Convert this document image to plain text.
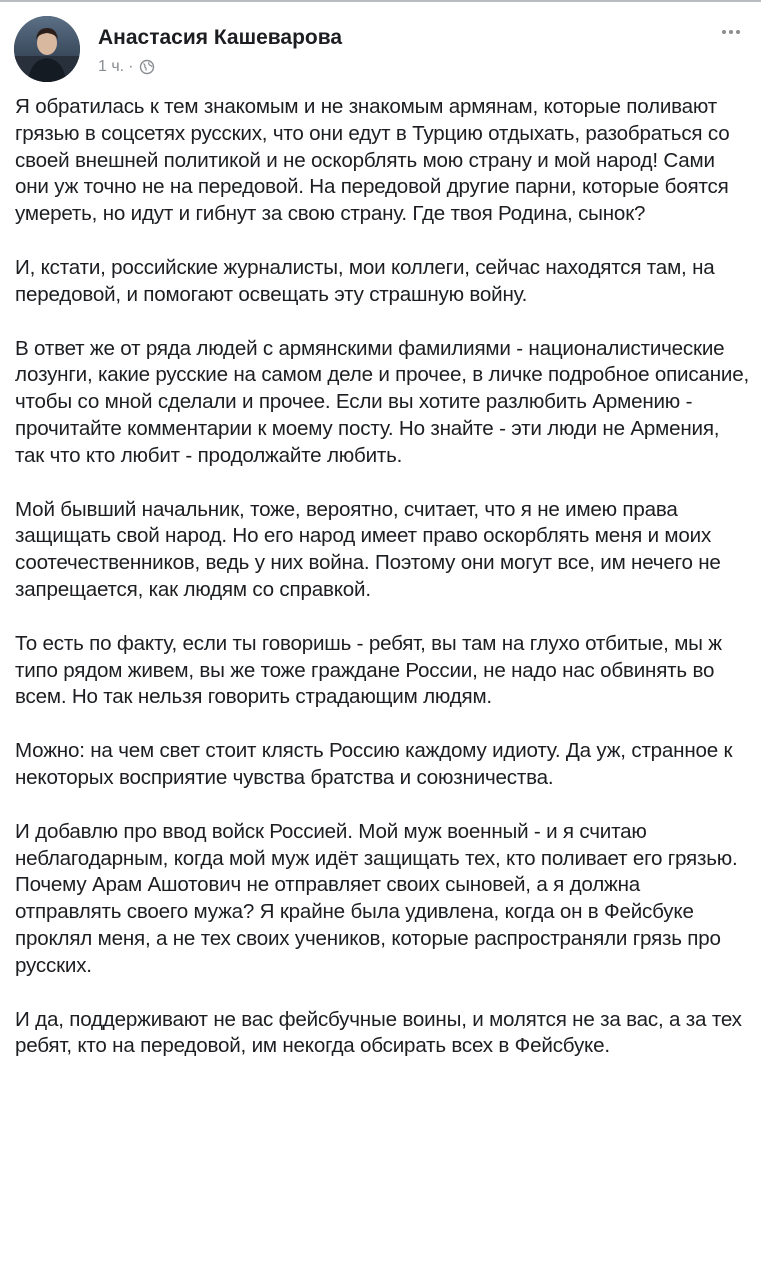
Анастасия Кашеварова
1 ч. ·

Я обратилась к тем знакомым и не знакомым армянам, которые поливают грязью в соцсетях русских, что они едут в Турцию отдыхать, разобраться со своей внешней политикой и не оскорблять мою страну и мой народ! Сами они уж точно не на передовой. На передовой другие парни, которые боятся умереть, но идут и гибнут за свою страну. Где твоя Родина, сынок?

И, кстати, российские журналисты, мои коллеги, сейчас находятся там, на передовой, и помогают освещать эту страшную войну.

В ответ же от ряда людей с армянскими фамилиями - националистические лозунги, какие русские на самом деле и прочее, в личке подробное описание, чтобы со мной сделали и прочее. Если вы хотите разлюбить Армению - прочитайте комментарии к моему посту. Но знайте - эти люди не Армения, так что кто любит - продолжайте любить.

Мой бывший начальник, тоже, вероятно, считает, что я не имею права защищать свой народ. Но его народ имеет право оскорблять меня и моих соотечественников, ведь у них война. Поэтому они могут все, им нечего не запрещается, как людям со справкой.

То есть по факту, если ты говоришь - ребят, вы там на глухо отбитые, мы ж типо рядом живем, вы же тоже граждане России, не надо нас обвинять во всем. Но так нельзя говорить страдающим людям.

Можно: на чем свет стоит клясть Россию каждому идиоту. Да уж, странное к некоторых восприятие чувства братства и союзничества.

И добавлю про ввод войск Россией. Мой муж военный - и я считаю неблагодарным, когда мой муж идёт защищать тех, кто поливает его грязью. Почему Арам Ашотович не отправляет своих сыновей, а я должна отправлять своего мужа? Я крайне была удивлена, когда он в Фейсбуке проклял меня, а не тех своих учеников, которые распространяли грязь про русских.

И да, поддерживают не вас фейсбучные воины, и молятся не за вас, а за тех ребят, кто на передовой, им некогда обсирать всех в Фейсбуке.
